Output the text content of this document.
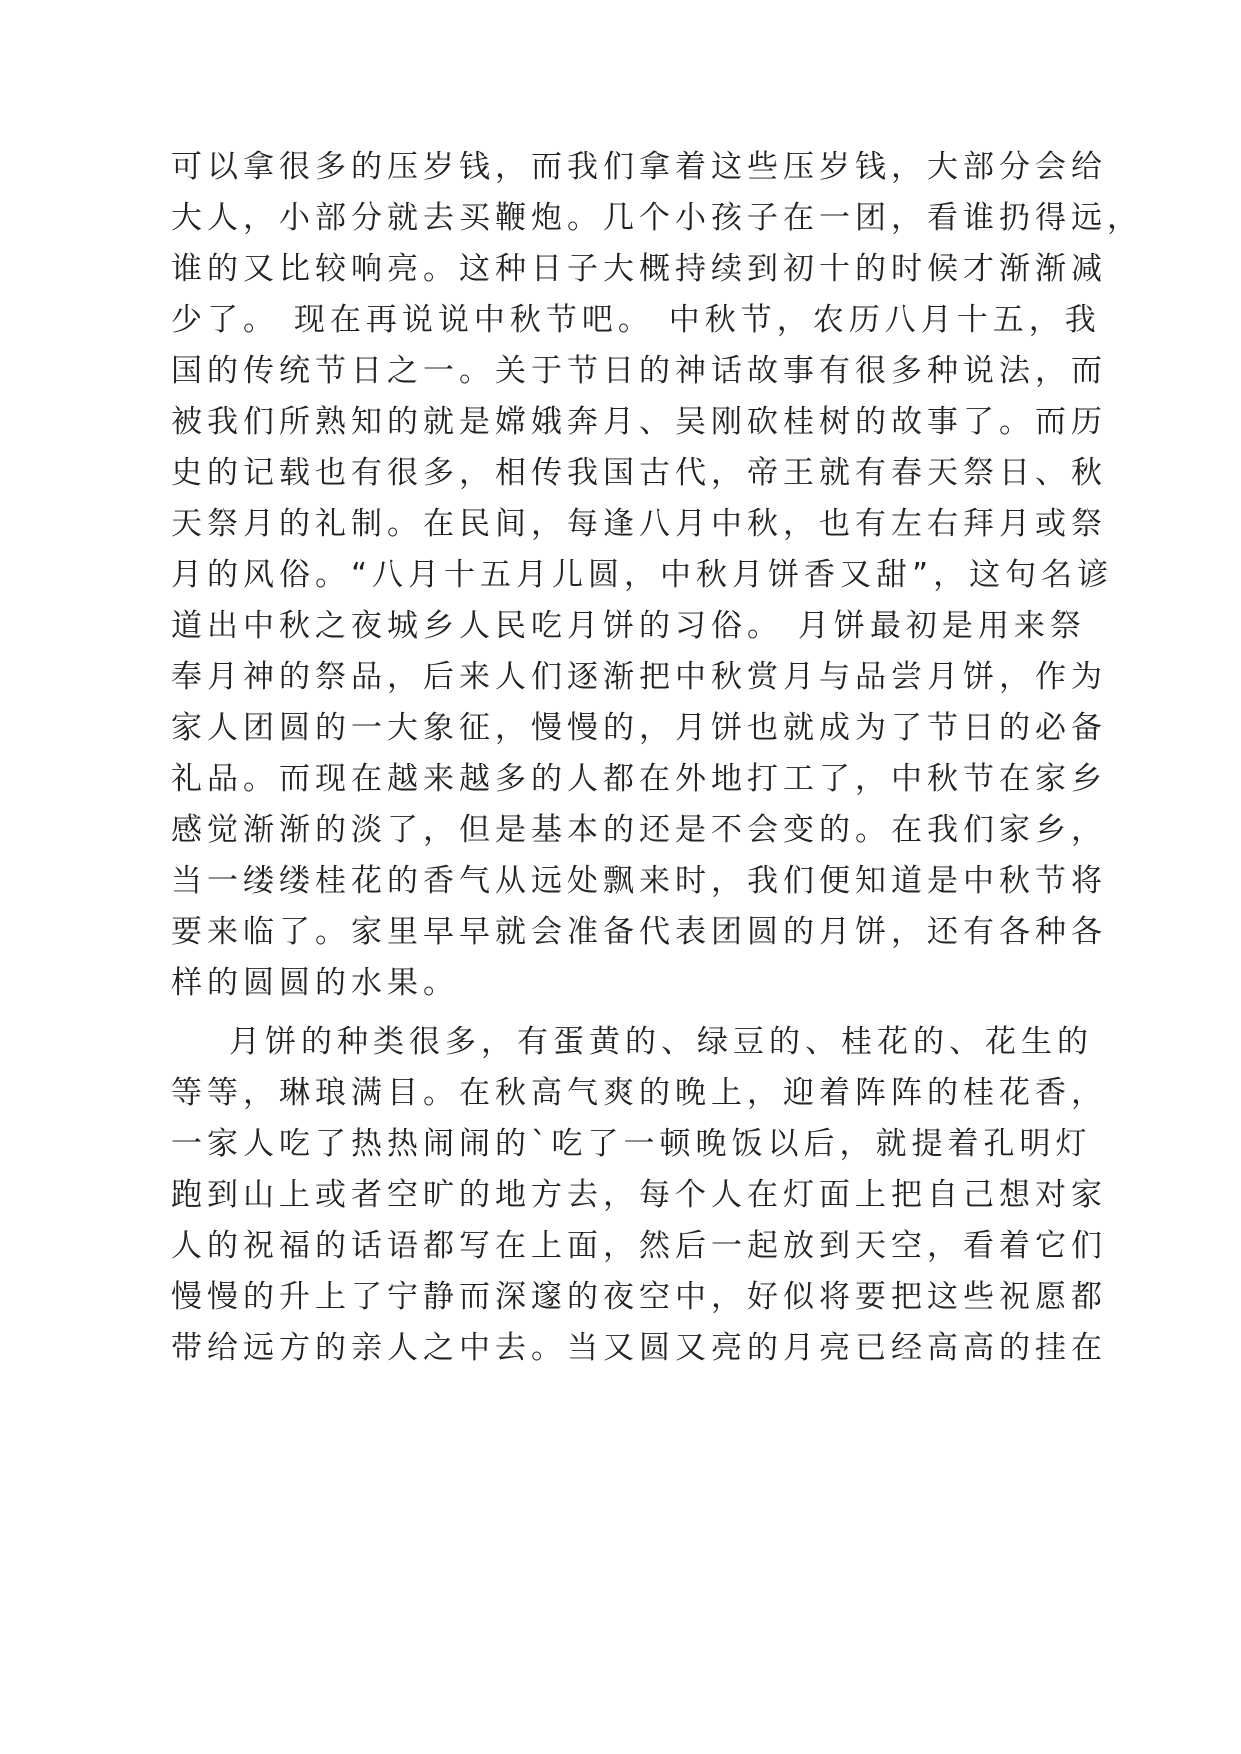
可以拿很多的压岁钱，而我们拿着这些压岁钱，大部分会给
大人，小部分就去买鞭炮。几个小孩子在一团，看谁扔得远，
谁的又比较响亮。这种日子大概持续到初十的时候才渐渐减
少了。 现在再说说中秋节吧。 中秋节，农历八月十五，我
国的传统节日之一。关于节日的神话故事有很多种说法，而
被我们所熟知的就是嫦娥奔月、吴刚砍桂树的故事了。而历
史的记载也有很多，相传我国古代，帝王就有春天祭日、秋
天祭月的礼制。在民间，每逢八月中秋，也有左右拜月或祭
月的风俗。“八月十五月儿圆，中秋月饼香又甜”，这句名谚
道出中秋之夜城乡人民吃月饼的习俗。 月饼最初是用来祭
奉月神的祭品，后来人们逐渐把中秋赏月与品尝月饼，作为
家人团圆的一大象征，慢慢的，月饼也就成为了节日的必备
礼品。而现在越来越多的人都在外地打工了，中秋节在家乡
感觉渐渐的淡了，但是基本的还是不会变的。在我们家乡，
当一缕缕桂花的香气从远处飘来时，我们便知道是中秋节将
要来临了。家里早早就会准备代表团圆的月饼，还有各种各
样的圆圆的水果。
月饼的种类很多，有蛋黄的、绿豆的、桂花的、花生的
等等，琳琅满目。在秋高气爽的晚上，迎着阵阵的桂花香，
一家人吃了热热闹闹的`吃了一顿晚饭以后，就提着孔明灯
跑到山上或者空旷的地方去，每个人在灯面上把自己想对家
人的祝福的话语都写在上面，然后一起放到天空，看着它们
慢慢的升上了宁静而深邃的夜空中，好似将要把这些祝愿都
带给远方的亲人之中去。当又圆又亮的月亮已经高高的挂在
